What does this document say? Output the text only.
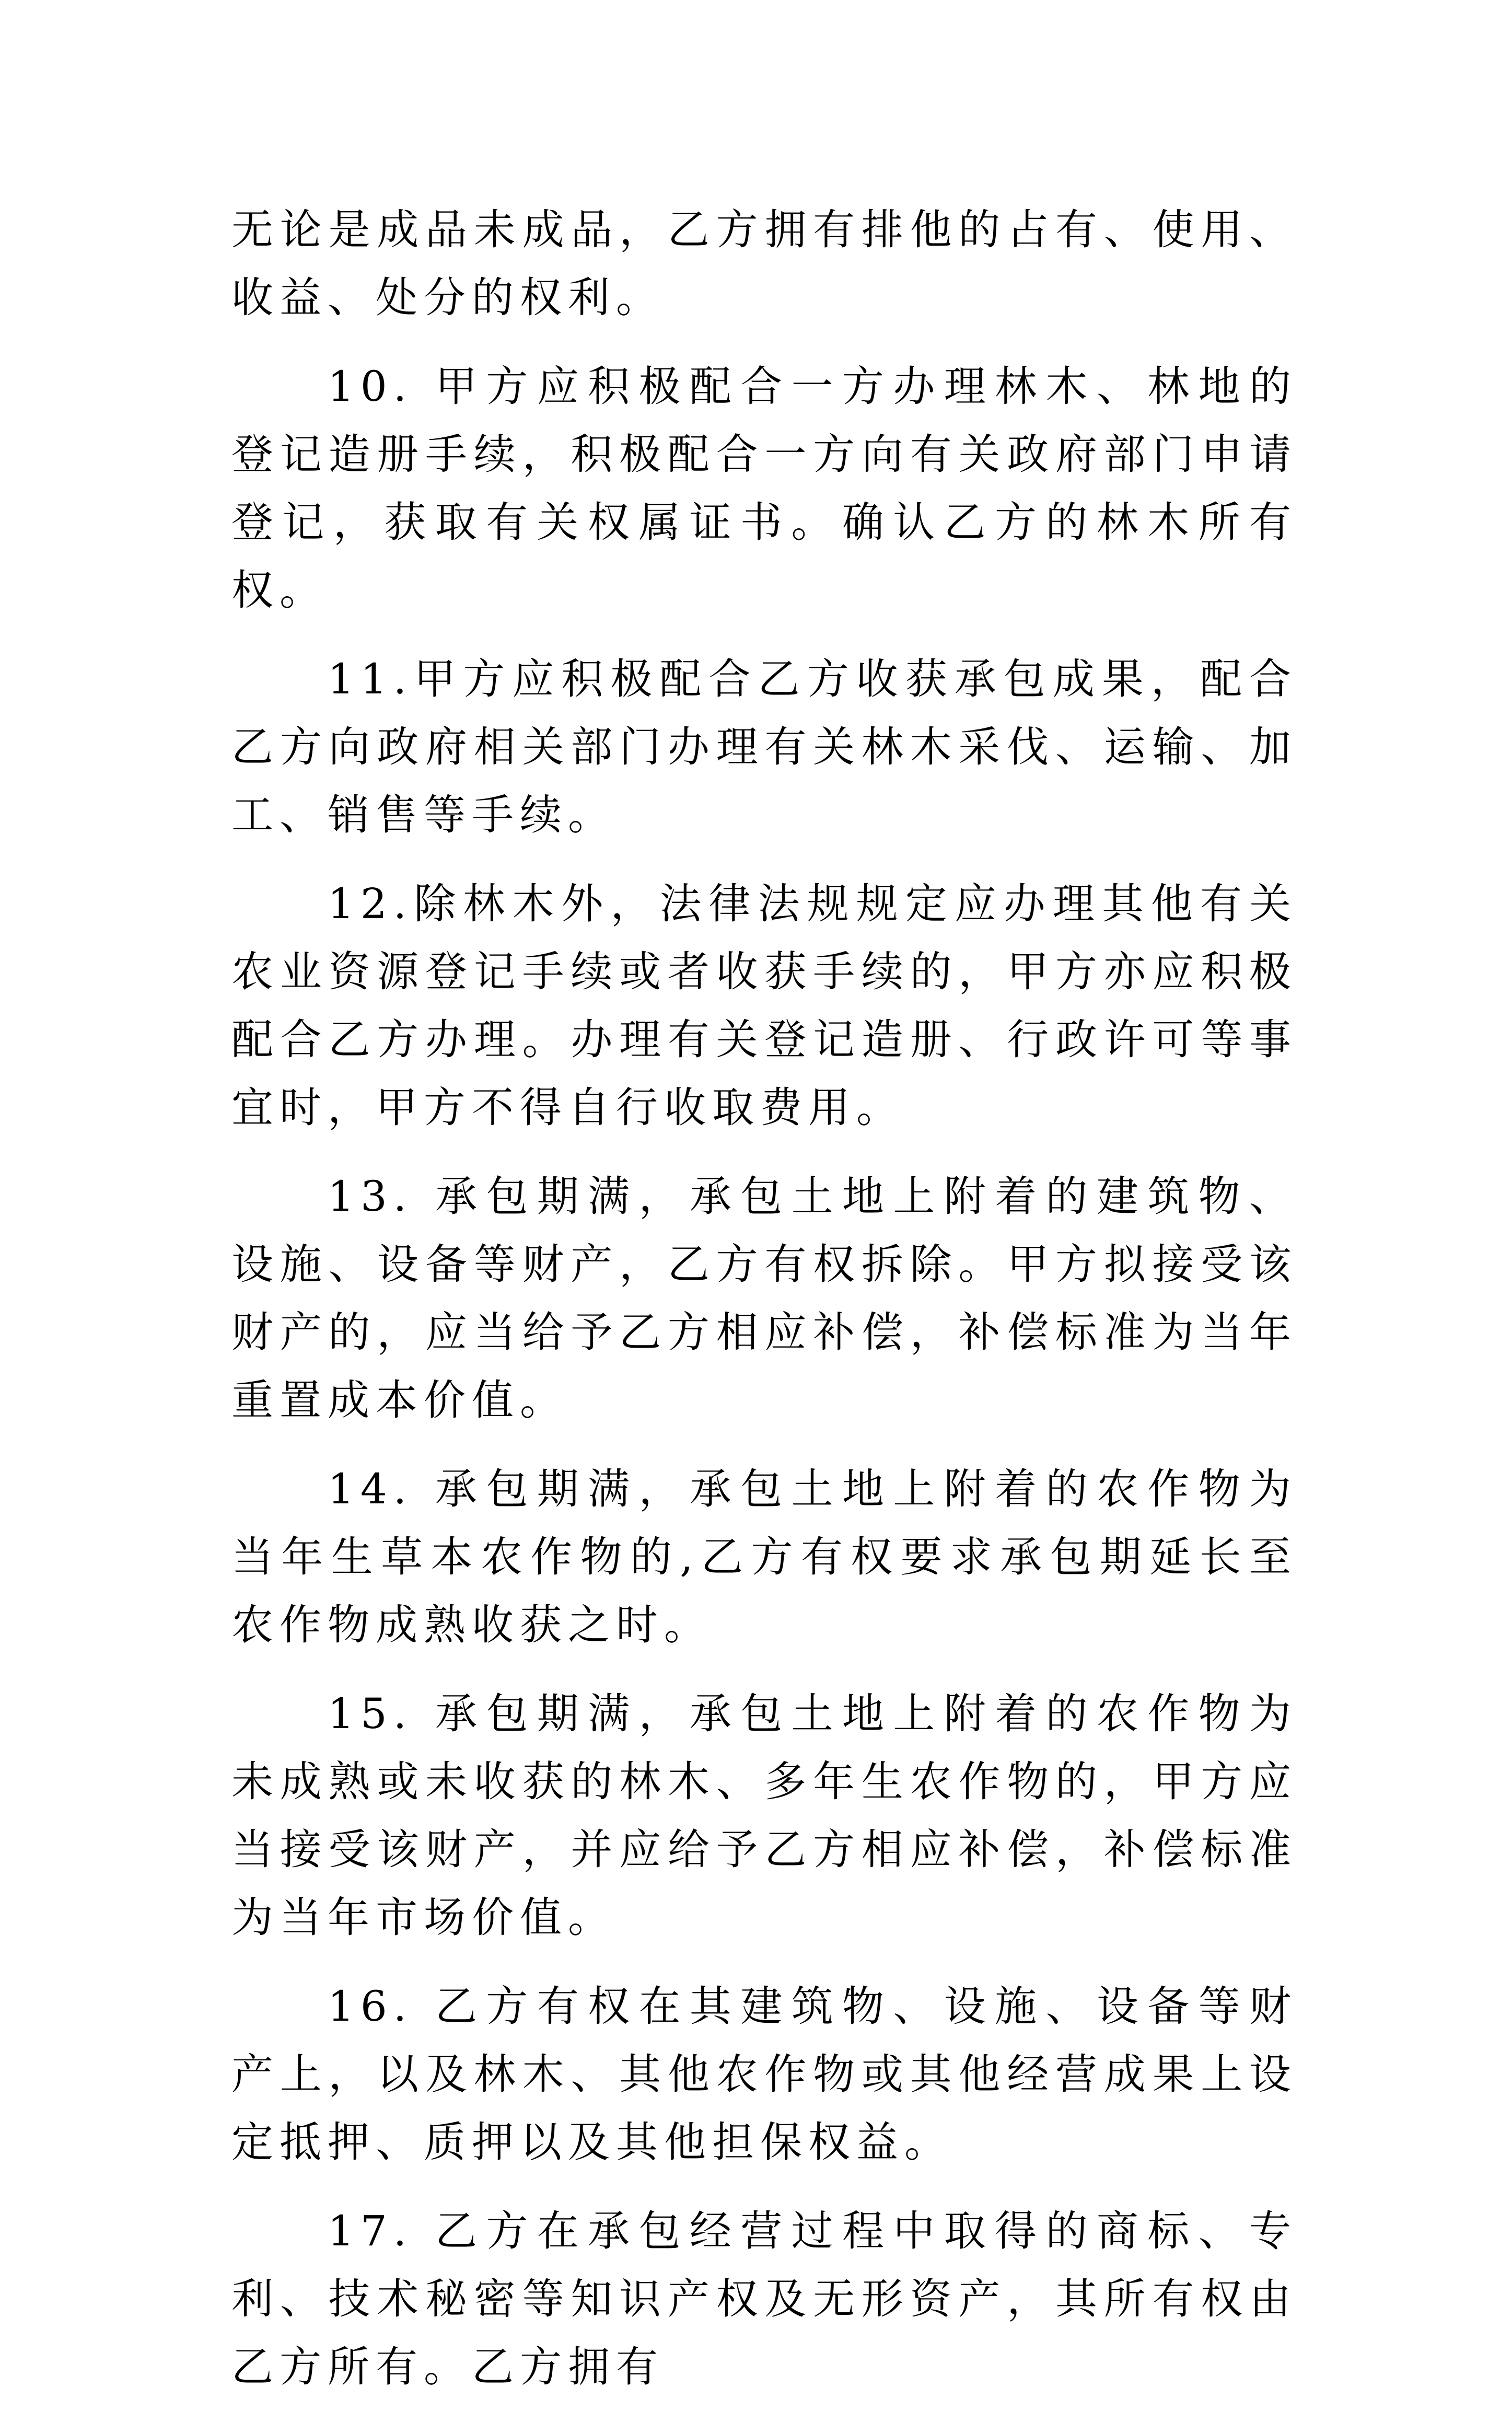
无论是成品未成品，乙方拥有排他的占有、使用、收益、处分的权利。

10. 甲方应积极配合一方办理林木、林地的登记造册手续，积极配合一方向有关政府部门申请登记，获取有关权属证书。确认乙方的林木所有权。

11.甲方应积极配合乙方收获承包成果，配合乙方向政府相关部门办理有关林木采伐、运输、加工、销售等手续。

12.除林木外，法律法规规定应办理其他有关农业资源登记手续或者收获手续的，甲方亦应积极配合乙方办理。办理有关登记造册、行政许可等事宜时，甲方不得自行收取费用。

13. 承包期满，承包土地上附着的建筑物、设施、设备等财产，乙方有权拆除。甲方拟接受该财产的，应当给予乙方相应补偿，补偿标准为当年重置成本价值。

14. 承包期满，承包土地上附着的农作物为当年生草本农作物的,乙方有权要求承包期延长至农作物成熟收获之时。

15. 承包期满，承包土地上附着的农作物为未成熟或未收获的林木、多年生农作物的，甲方应当接受该财产，并应给予乙方相应补偿，补偿标准为当年市场价值。

16. 乙方有权在其建筑物、设施、设备等财产上，以及林木、其他农作物或其他经营成果上设定抵押、质押以及其他担保权益。

17. 乙方在承包经营过程中取得的商标、专利、技术秘密等知识产权及无形资产，其所有权由乙方所有。乙方拥有
